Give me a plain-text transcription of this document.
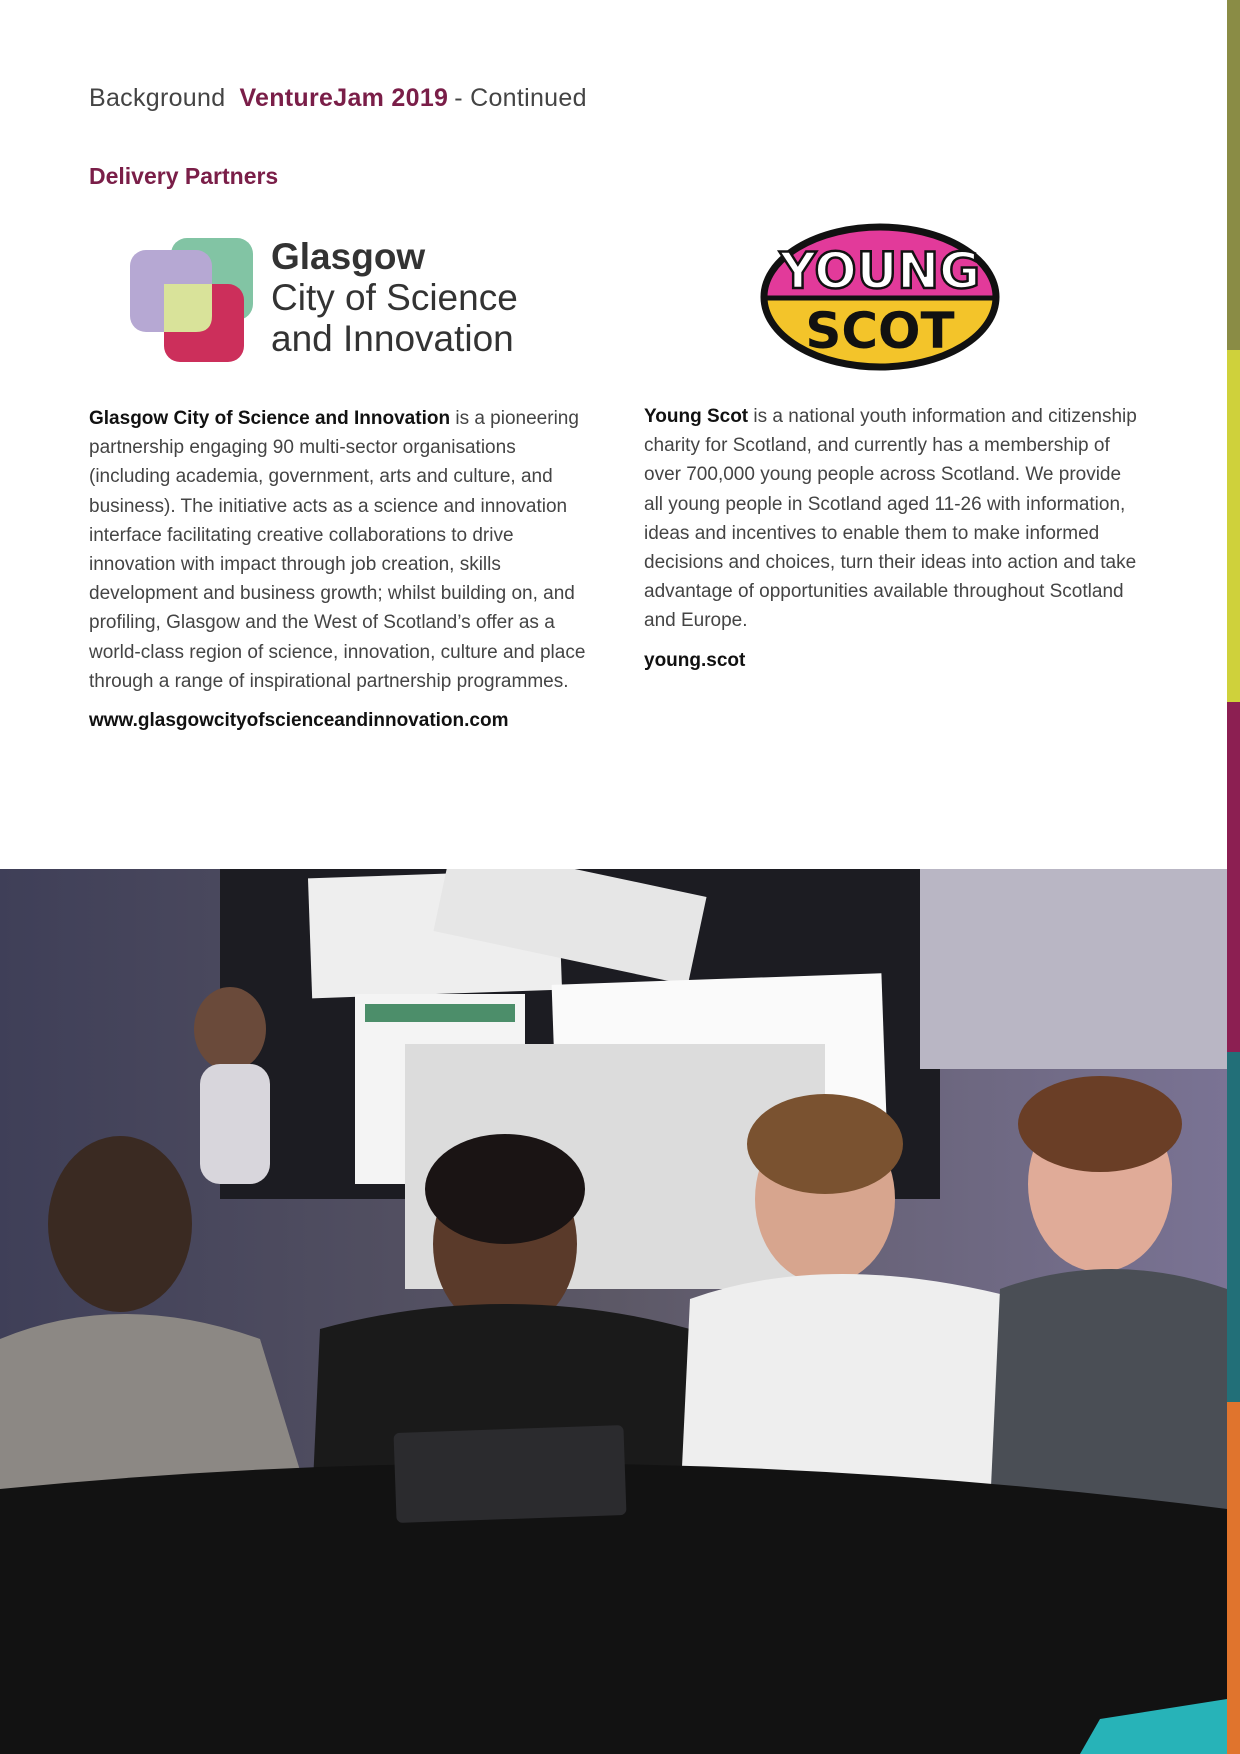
Background VentureJam 2019 - Continued
Delivery Partners
Glasgow
City of Science
and Innovation
YOUNG
SCOT
Glasgow City of Science and Innovation is a pioneering partnership engaging 90 multi-sector organisations (including academia, government, arts and culture, and business). The initiative acts as a science and innovation interface facilitating creative collaborations to drive innovation with impact through job creation, skills development and business growth; whilst building on, and profiling, Glasgow and the West of Scotland’s offer as a world-class region of science, innovation, culture and place through a range of inspirational partnership programmes.
www.glasgowcityofscienceandinnovation.com
Young Scot is a national youth information and citizenship charity for Scotland, and currently has a membership of over 700,000 young people across Scotland. We provide all young people in Scotland aged 11-26 with information, ideas and incentives to enable them to make informed decisions and choices, turn their ideas into action and take advantage of opportunities available throughout Scotland and Europe.
young.scot
